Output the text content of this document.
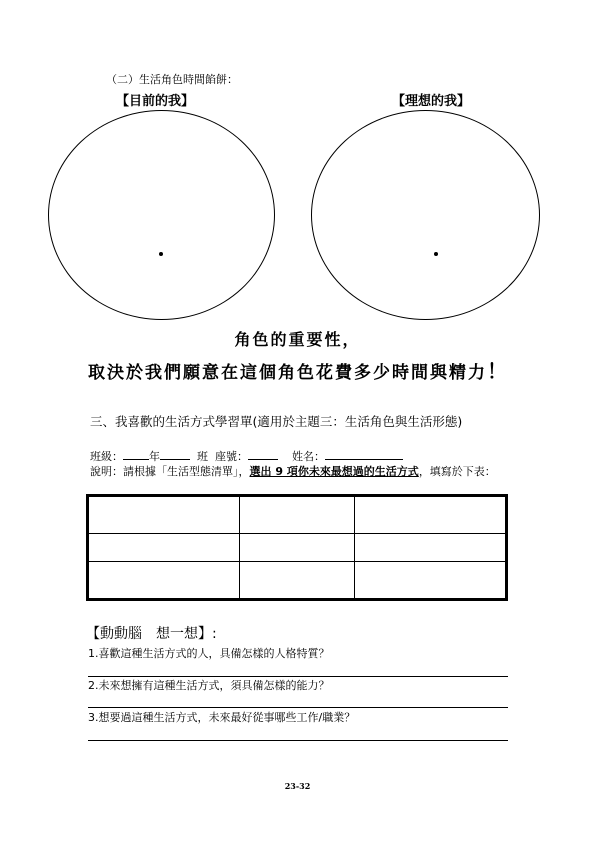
（二）生活角色時間餡餅：
【目前的我】	【理想的我】
角色的重要性，
取決於我們願意在這個角色花費多少時間與精力！
三、我喜歡的生活方式學習單(適用於主題三：生活角色與生活形態)
班級： 年	班 座號：	姓名：
說明：請根據「生活型態清單」，選出 9 項你未來最想過的生活方式，填寫於下表：

【動動腦　想一想】:
1.喜歡這種生活方式的人，具備怎樣的人格特質？
2.未來想擁有這種生活方式，須具備怎樣的能力？
3.想要過這種生活方式，未來最好從事哪些工作/職業？
23-32
